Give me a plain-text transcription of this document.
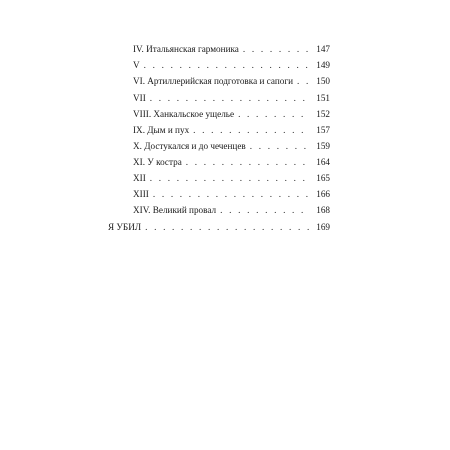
IV. Итальянская гармоника . . .	147
V . . .	149
VI. Артиллерийская подготовка и сапоги . . .	150
VII . . .	151
VIII. Ханкальское ущелье . . .	152
IX. Дым и пух . . .	157
X. Достукался и до чеченцев . . .	159
XI. У костра . . .	164
XII . . .	165
XIII . . .	166
XIV. Великий провал . . .	168
Я УБИЛ . . .	169
